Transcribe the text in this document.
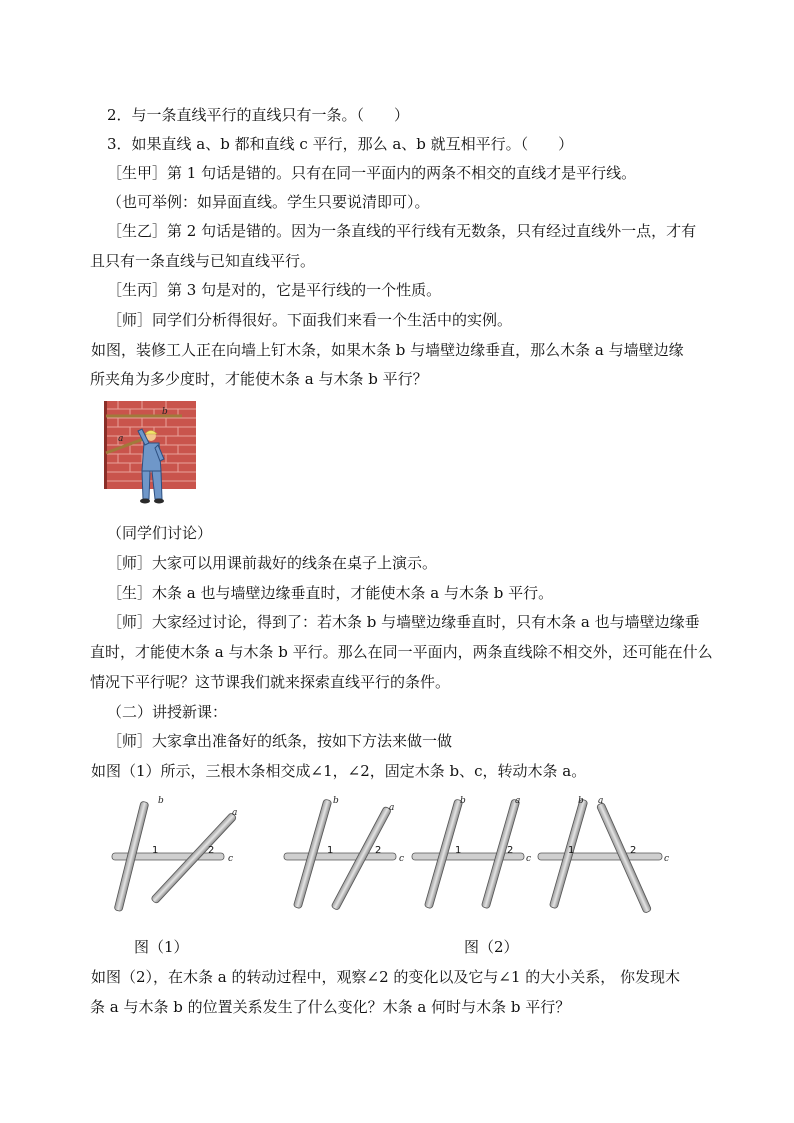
2．与一条直线平行的直线只有一条。（　　）
3．如果直线 a、b 都和直线 c 平行，那么 a、b 就互相平行。（　　）
［生甲］第 1 句话是错的。只有在同一平面内的两条不相交的直线才是平行线。
（也可举例：如异面直线。学生只要说清即可）。
［生乙］第 2 句话是错的。因为一条直线的平行线有无数条，只有经过直线外一点，才有
且只有一条直线与已知直线平行。
［生丙］第 3 句是对的，它是平行线的一个性质。
［师］同学们分析得很好。下面我们来看一个生活中的实例。
如图，装修工人正在向墙上钉木条，如果木条 b 与墙壁边缘垂直，那么木条 a 与墙壁边缘
所夹角为多少度时，才能使木条 a 与木条 b 平行？
b
a
（同学们讨论）
［师］大家可以用课前裁好的线条在桌子上演示。
［生］木条 a 也与墙壁边缘垂直时，才能使木条 a 与木条 b 平行。
［师］大家经过讨论，得到了：若木条 b 与墙壁边缘垂直时，只有木条 a 也与墙壁边缘垂
直时，才能使木条 a 与木条 b 平行。那么在同一平面内，两条直线除不相交外，还可能在什么
情况下平行呢？这节课我们就来探索直线平行的条件。
（二）讲授新课：
［师］大家拿出准备好的纸条，按如下方法来做一做
如图（1）所示，三根木条相交成∠1，∠2，固定木条 b、c，转动木条 a。
b
a
c
b
a
c
b	a
c
b a
c
1	2	1	2	1	2	1	2
图（1）	图（2）
如图（2），在木条 a 的转动过程中，观察∠2 的变化以及它与∠1 的大小关系， 你发现木
条 a 与木条 b 的位置关系发生了什么变化？木条 a 何时与木条 b 平行？
